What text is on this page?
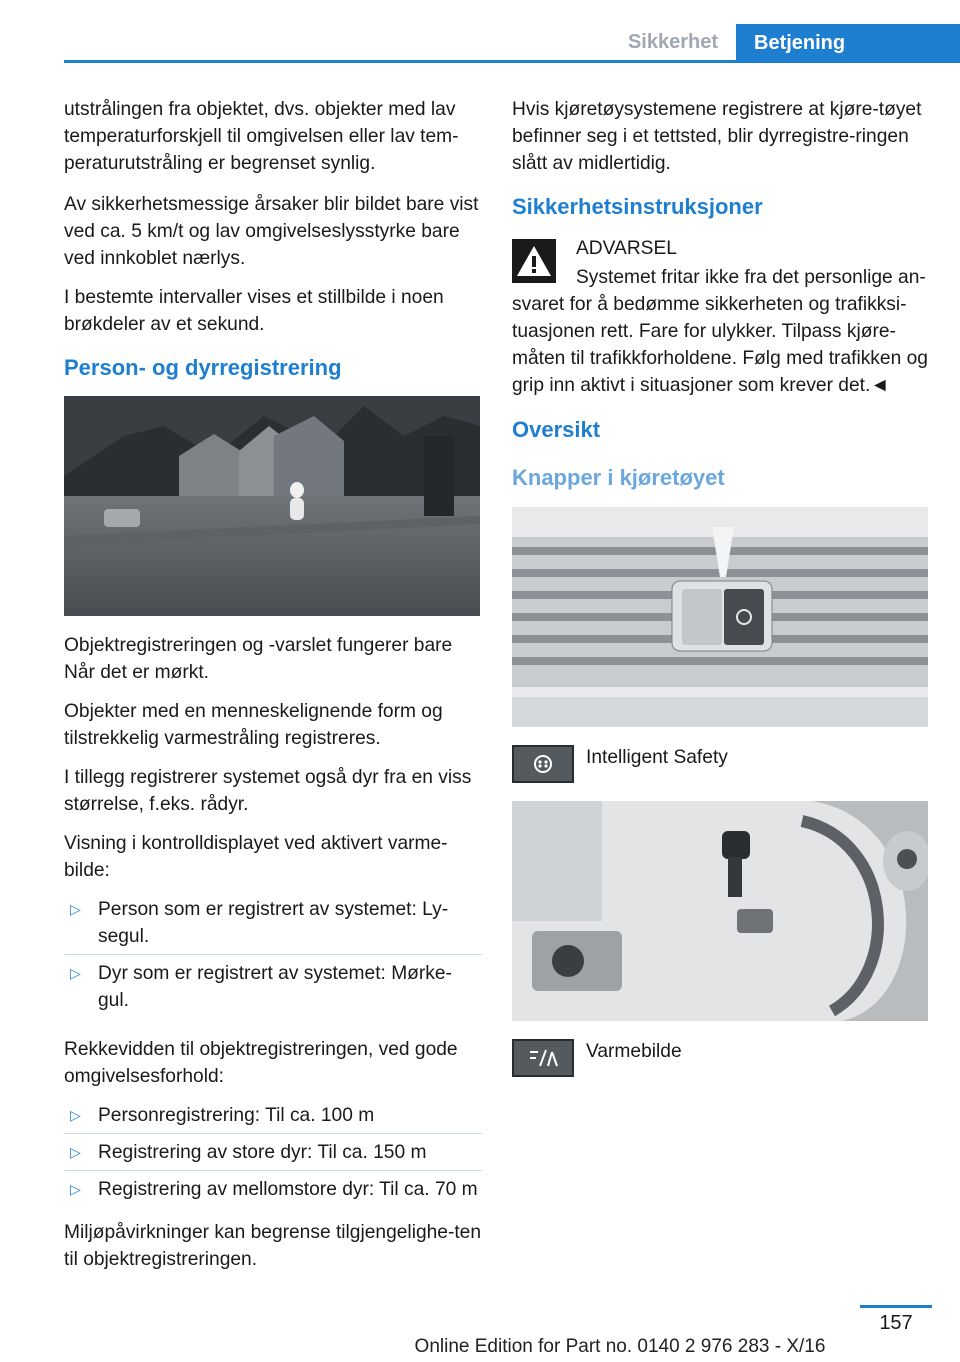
Sikkerhet	Betjening

utstrålingen fra objektet, dvs. objekter med lav temperaturforskjell til omgivelsen eller lav tem‐peraturutstråling er begrenset synlig.

Av sikkerhetsmessige årsaker blir bildet bare vist ved ca. 5 km/t og lav omgivelseslysstyrke bare ved innkoblet nærlys.

I bestemte intervaller vises et stillbilde i noen brøkdeler av et sekund.

Person- og dyrregistrering

Objektregistreringen og -varslet fungerer bare Når det er mørkt.

Objekter med en menneskelignende form og tilstrekkelig varmestråling registreres.

I tillegg registrerer systemet også dyr fra en viss størrelse, f.eks. rådyr.

Visning i kontrolldisplayet ved aktivert varme‐bilde:

▷ Person som er registrert av systemet: Ly‐segul.
▷ Dyr som er registrert av systemet: Mørke‐gul.

Rekkevidden til objektregistreringen, ved gode omgivelsesforhold:

▷ Personregistrering: Til ca. 100 m
▷ Registrering av store dyr: Til ca. 150 m
▷ Registrering av mellomstore dyr: Til ca. 70 m

Miljøpåvirkninger kan begrense tilgjengelighe‐ten til objektregistreringen.

Hvis kjøretøysystemene registrere at kjøre‐tøyet befinner seg i et tettsted, blir dyrregistre‐ringen slått av midlertidig.

Sikkerhetsinstruksjoner

ADVARSEL

Systemet fritar ikke fra det personlige an‐svaret for å bedømme sikkerheten og trafikksi‐tuasjonen rett. Fare for ulykker. Tilpass kjøre‐måten til trafikkforholdene. Følg med trafikken og grip inn aktivt i situasjoner som krever det.◄

Oversikt
Knapper i kjøretøyet
Intelligent Safety
Varmebilde
157
Online Edition for Part no. 0140 2 976 283 - X/16
